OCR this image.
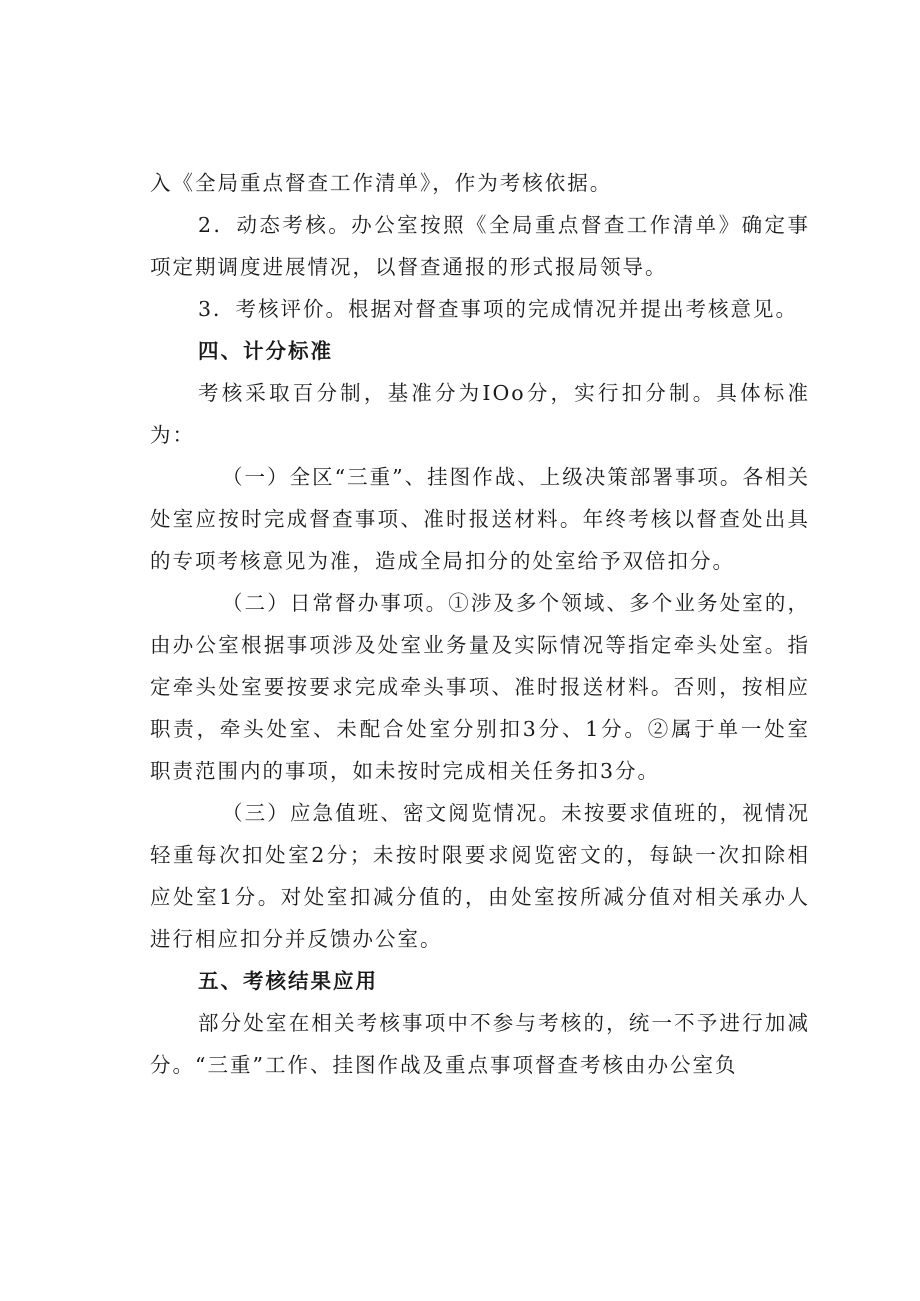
入《全局重点督查工作清单》，作为考核依据。

2．动态考核。办公室按照《全局重点督查工作清单》确定事项定期调度进展情况，以督查通报的形式报局领导。

3．考核评价。根据对督查事项的完成情况并提出考核意见。

四、计分标准

考核采取百分制，基准分为IOo分，实行扣分制。具体标准为：

（一）全区“三重”、挂图作战、上级决策部署事项。各相关处室应按时完成督查事项、准时报送材料。年终考核以督查处出具的专项考核意见为准，造成全局扣分的处室给予双倍扣分。

（二）日常督办事项。①涉及多个领域、多个业务处室的，由办公室根据事项涉及处室业务量及实际情况等指定牵头处室。指定牵头处室要按要求完成牵头事项、准时报送材料。否则，按相应职责，牵头处室、未配合处室分别扣3分、1分。②属于单一处室职责范围内的事项，如未按时完成相关任务扣3分。

（三）应急值班、密文阅览情况。未按要求值班的，视情况轻重每次扣处室2分；未按时限要求阅览密文的，每缺一次扣除相应处室1分。对处室扣减分值的，由处室按所减分值对相关承办人进行相应扣分并反馈办公室。

五、考核结果应用

部分处室在相关考核事项中不参与考核的，统一不予进行加减分。“三重”工作、挂图作战及重点事项督查考核由办公室负
